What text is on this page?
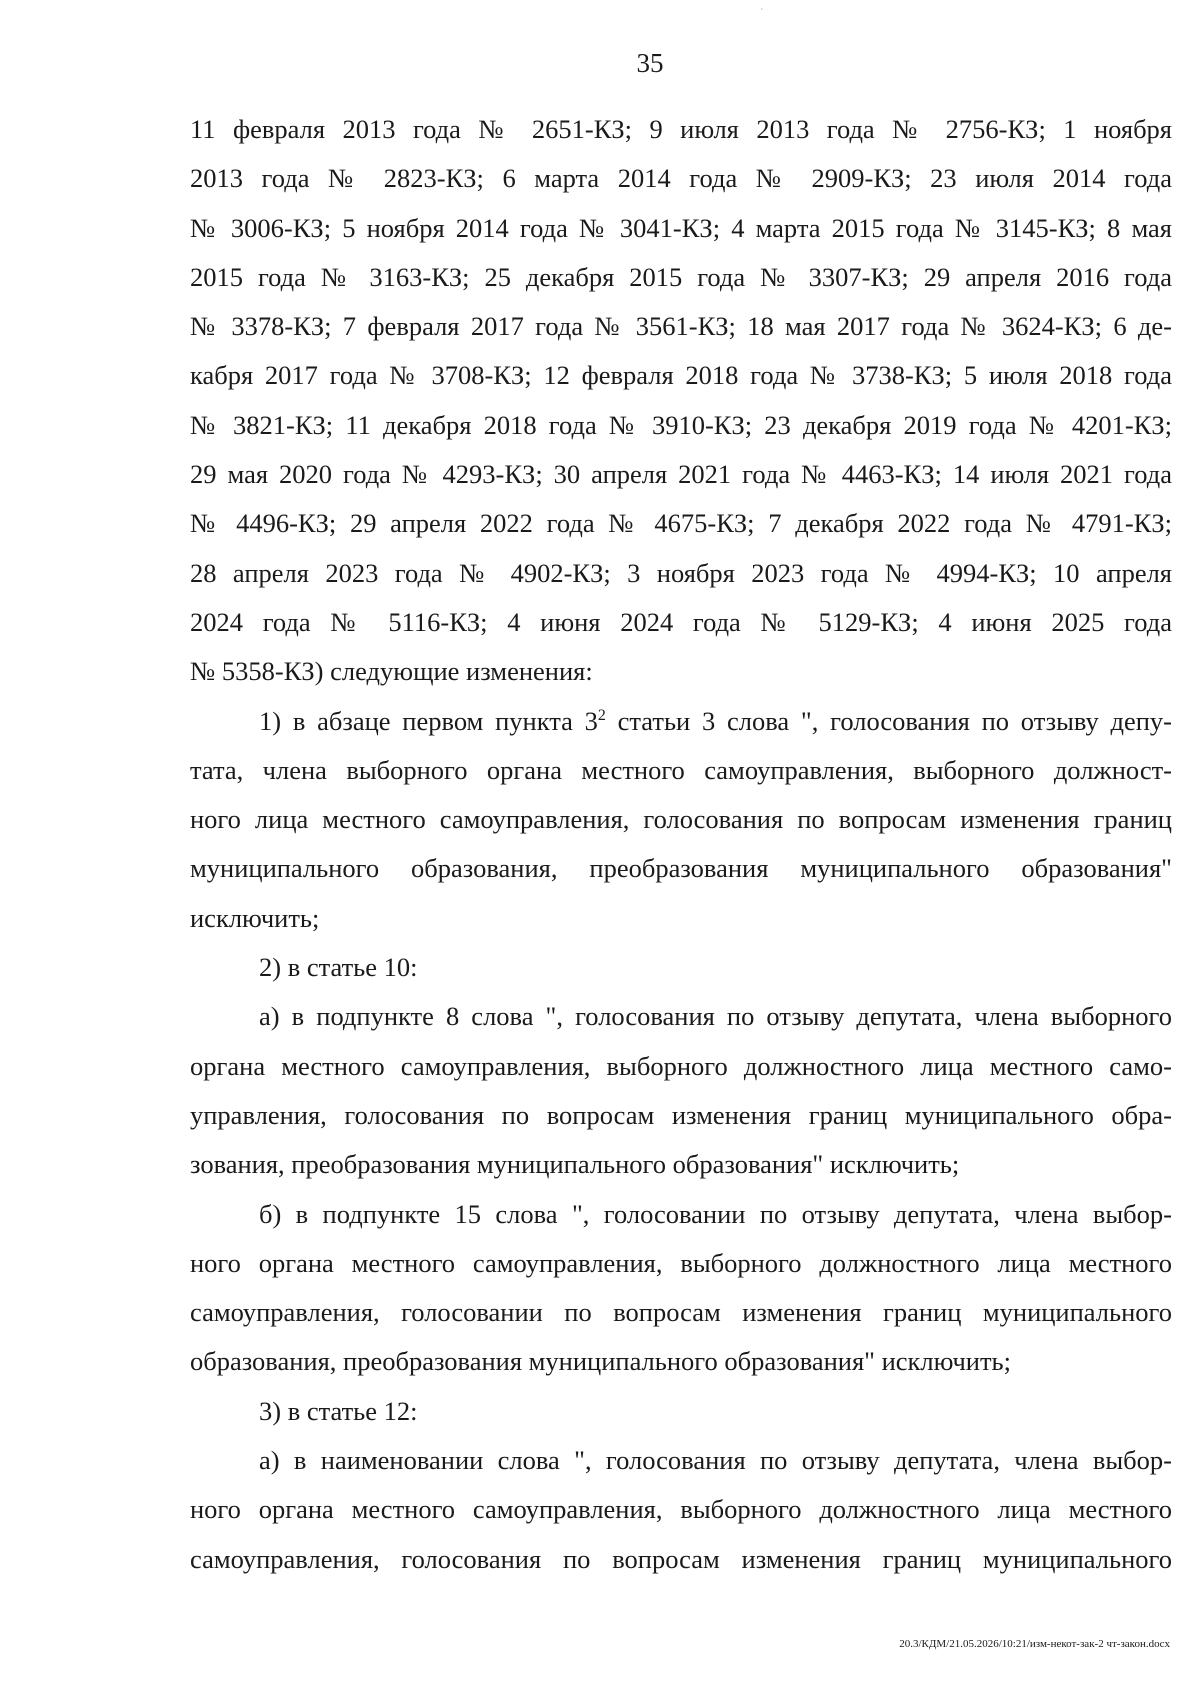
´
35

11 февраля 2013 года № 2651-КЗ; 9 июля 2013 года № 2756-КЗ; 1 ноября
2013 года № 2823-КЗ; 6 марта 2014 года № 2909-КЗ; 23 июля 2014 года
№ 3006-КЗ; 5 ноября 2014 года № 3041-КЗ; 4 марта 2015 года № 3145-КЗ; 8 мая
2015 года № 3163-КЗ; 25 декабря 2015 года № 3307-КЗ; 29 апреля 2016 года
№ 3378-КЗ; 7 февраля 2017 года № 3561-КЗ; 18 мая 2017 года № 3624-КЗ; 6 де-
кабря 2017 года № 3708-КЗ; 12 февраля 2018 года № 3738-КЗ; 5 июля 2018 года
№ 3821-КЗ; 11 декабря 2018 года № 3910-КЗ; 23 декабря 2019 года № 4201-КЗ;
29 мая 2020 года № 4293-КЗ; 30 апреля 2021 года № 4463-КЗ; 14 июля 2021 года
№ 4496-КЗ; 29 апреля 2022 года № 4675-КЗ; 7 декабря 2022 года № 4791-КЗ;
28 апреля 2023 года № 4902-КЗ; 3 ноября 2023 года № 4994-КЗ; 10 апреля
2024 года № 5116-КЗ; 4 июня 2024 года № 5129-КЗ; 4 июня 2025 года
№ 5358-КЗ) следующие изменения:

1) в абзаце первом пункта $3^2$ статьи 3 слова ", голосования по отзыву депу-
тата, члена выборного органа местного самоуправления, выборного должност-
ного лица местного самоуправления, голосования по вопросам изменения границ
муниципального образования, преобразования муниципального образования"
исключить;

2) в статье 10:

а) в подпункте 8 слова ", голосования по отзыву депутата, члена выборного
органа местного самоуправления, выборного должностного лица местного само-
управления, голосования по вопросам изменения границ муниципального обра-
зования, преобразования муниципального образования" исключить;

б) в подпункте 15 слова ", голосовании по отзыву депутата, члена выбор-
ного органа местного самоуправления, выборного должностного лица местного
самоуправления, голосовании по вопросам изменения границ муниципального
образования, преобразования муниципального образования" исключить;

3) в статье 12:

а) в наименовании слова ", голосования по отзыву депутата, члена выбор-
ного органа местного самоуправления, выборного должностного лица местного
самоуправления, голосования по вопросам изменения границ муниципального

20.3/КДМ/21.05.2026/10:21/изм-некот-зак-2 чт-закон.docx
